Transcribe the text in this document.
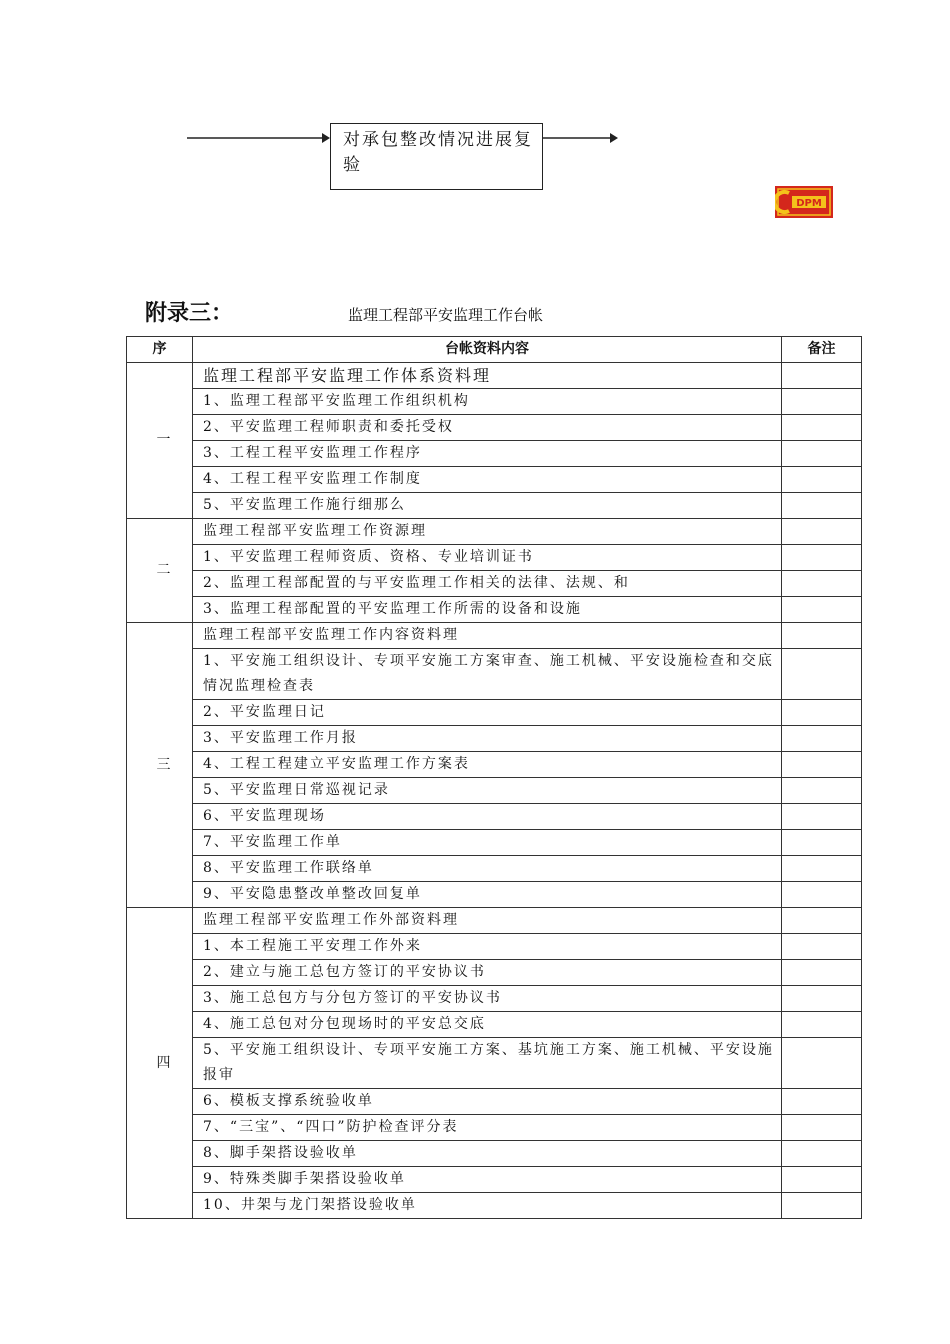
对承包整改情况进展复验
DPM
附录三：	监理工程部平安监理工作台帐
序	台帐资料内容	备注
一	监理工程部平安监理工作体系资料理	
	1、监理工程部平安监理工作组织机构	
	2、平安监理工程师职责和委托受权	
	3、工程工程平安监理工作程序	
	4、工程工程平安监理工作制度	
	5、平安监理工作施行细那么	
二	监理工程部平安监理工作资源理	
	1、平安监理工程师资质、资格、专业培训证书	
	2、监理工程部配置的与平安监理工作相关的法律、法规、和	
	3、监理工程部配置的平安监理工作所需的设备和设施	
三	监理工程部平安监理工作内容资料理	
	1、平安施工组织设计、专项平安施工方案审查、施工机械、平安设施检查和交底情况监理检查表	
	2、平安监理日记	
	3、平安监理工作月报	
	4、工程工程建立平安监理工作方案表	
	5、平安监理日常巡视记录	
	6、平安监理现场	
	7、平安监理工作单	
	8、平安监理工作联络单	
	9、平安隐患整改单整改回复单	
四	监理工程部平安监理工作外部资料理	
	1、本工程施工平安理工作外来	
	2、建立与施工总包方签订的平安协议书	
	3、施工总包方与分包方签订的平安协议书	
	4、施工总包对分包现场时的平安总交底	
	5、平安施工组织设计、专项平安施工方案、基坑施工方案、施工机械、平安设施报审	
	6、模板支撑系统验收单	
	7、“三宝”、“四口”防护检查评分表	
	8、脚手架搭设验收单	
	9、特殊类脚手架搭设验收单	
	10、井架与龙门架搭设验收单	
